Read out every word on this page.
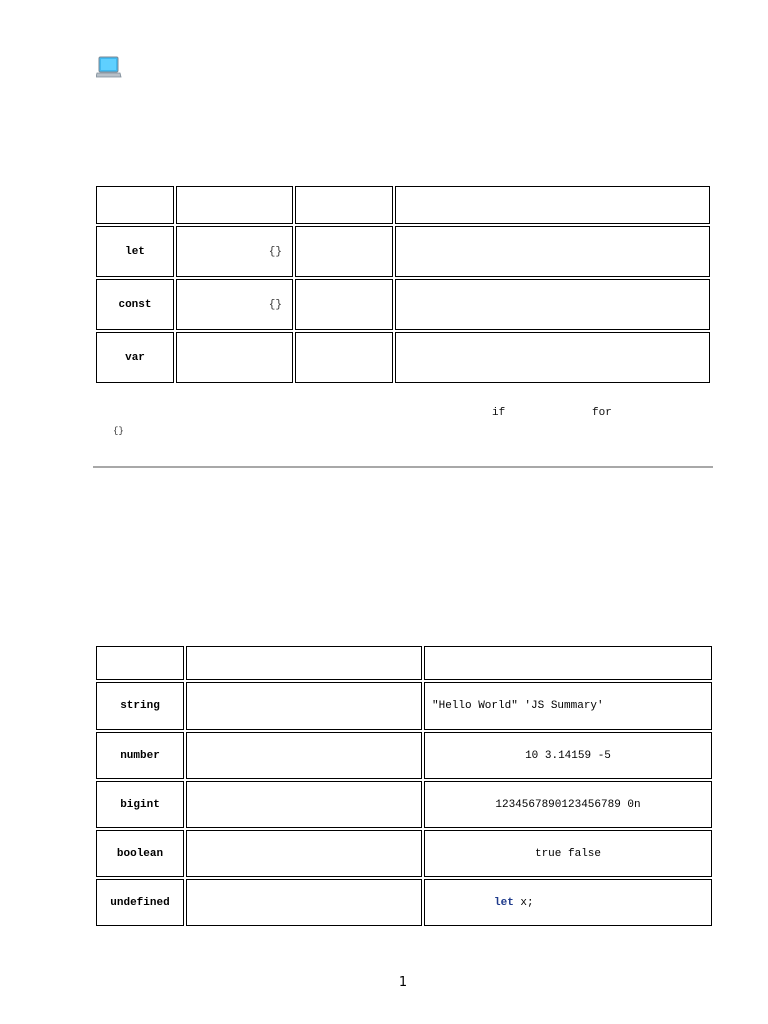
let	{}		
const	{}		
var			
if	for
{}

string		"Hello World" 'JS Summary'
number		10 3.14159 -5
bigint		1234567890123456789 0n
boolean		true false
undefined		let x;
1
